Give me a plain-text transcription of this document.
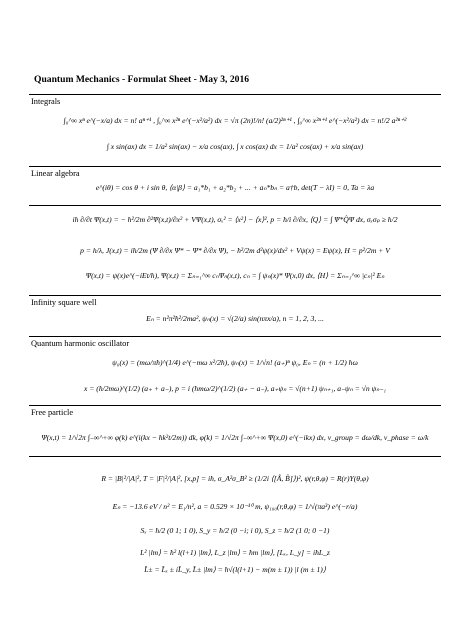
Quantum Mechanics - Formulat Sheet - May 3, 2016
Integrals
∫₀^∞ xⁿ e^(−x/a) dx = n! aⁿ⁺¹ , ∫₀^∞ x²ⁿ e^(−x²/a²) dx = √π (2n)!/n! (a/2)²ⁿ⁺¹ , ∫₀^∞ x²ⁿ⁺¹ e^(−x²/a²) dx = n!/2 a²ⁿ⁺²
∫ x sin(ax) dx = 1/a² sin(ax) − x/a cos(ax), ∫ x cos(ax) dx = 1/a² cos(ax) + x/a sin(ax)
Linear algebra
e^(iθ) = cos θ + i sin θ, ⟨α|β⟩ = a₁*b₁ + a₂*b₂ + ... + aₙ*bₙ = a†b, det(T − λI) = 0, Ta = λa
iħ ∂/∂t Ψ(x,t) = − ħ²/2m ∂²Ψ(x,t)/∂x² + VΨ(x,t), σₓ² = ⟨x²⟩ − ⟨x⟩², p = ħ/i ∂/∂x, ⟨Q⟩ = ∫ Ψ*Q̂Ψ dx, σₓσₚ ≥ ħ/2
p = h/λ, J(x,t) = iħ/2m (Ψ ∂/∂x Ψ* − Ψ* ∂/∂x Ψ), − ħ²/2m d²ψ(x)/dx² + Vψ(x) = Eψ(x), H = p²/2m + V
Ψ(x,t) = ψ(x)e^(−iEt/ħ), Ψ(x,t) = Σₙ₌₁^∞ cₙΨₙ(x,t), cₙ = ∫ ψₙ(x)* Ψ(x,0) dx, ⟨H⟩ = Σₙ₌₁^∞ |cₙ|² Eₙ
Infinity square well
Eₙ = n²π²ħ²/2ma², ψₙ(x) = √(2/a) sin(nπx/a), n = 1, 2, 3, ...
Quantum harmonic oscillator
ψ₀(x) = (mω/πħ)^(1/4) e^(−mω x²/2ħ), ψₙ(x) = 1/√n! (a₊)ⁿ ψ₀, Eₙ = (n + 1/2) ħω
x = (ħ/2mω)^(1/2) (a₊ + a₋), p = i (ħmω/2)^(1/2) (a₊ − a₋), a₊ψₙ = √(n+1) ψₙ₊₁, a₋ψₙ = √n ψₙ₋₁
Free particle
Ψ(x,t) = 1/√2π ∫₋∞^+∞ φ(k) e^(i(kx − ħk²t/2m)) dk, φ(k) = 1/√2π ∫₋∞^+∞ Ψ(x,0) e^(−ikx) dx, v_group = dω/dk, v_phase = ω/k
R = |B|²/|A|², T = |F|²/|A|², [x,p] = iħ, σ_A²σ_B² ≥ (1/2i ⟨[Â, B̂]⟩)², ψ(r,θ,φ) = R(r)Y(θ,φ)
Eₙ = −13.6 eV / n² = E₁/n², a = 0.529 × 10⁻¹⁰ m, ψ₁₀₀(r,θ,φ) = 1/√(πa³) e^(−r/a)
Sₓ = ħ/2 (0 1; 1 0), S_y = ħ/2 (0 −i; i 0), S_z = ħ/2 (1 0; 0 −1)
L² |lm⟩ = ħ² l(l+1) |lm⟩, L_z |lm⟩ = ħm |lm⟩, [Lₓ, L_y] = iħL_z
L̂± = L̂ₓ ± iL̂_y, L̂± |lm⟩ = ħ√(l(l+1) − m(m ± 1)) |l (m ± 1)⟩
